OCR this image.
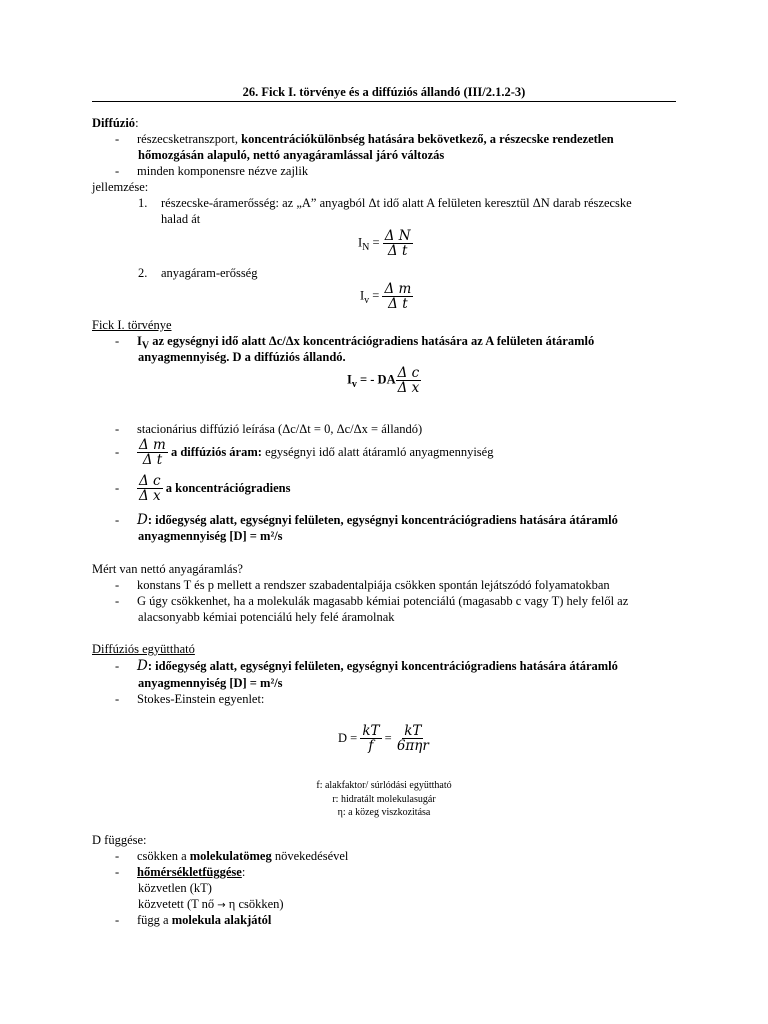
26. Fick I. törvénye és a diffúziós állandó (III/2.1.2-3)
Diffúzió:
- részecsketranszport, koncentrációkülönbség hatására bekövetkező, a részecske rendezetlen
hőmozgásán alapuló, nettó anyagáramlással járó változás
- minden komponensre nézve zajlik
jellemzése:
1. részecske-áramerősség: az „A” anyagból Δt idő alatt A felületen keresztül ΔN darab részecske
halad át
$I_N = \frac{\text{Δ N}}{\text{Δ t}}$
2. anyagáram-erősség
$I_v = \frac{\text{Δ m}}{\text{Δ t}}$
Fick I. törvénye
- $I_V$ az egységnyi idő alatt Δc/Δx koncentrációgradiens hatására az A felületen átáramló
anyagmennyiség. D a diffúziós állandó.
$I_v$ = - DA $\frac{\text{Δ c}}{\text{Δ x}}$
- stacionárius diffúzió leírása (Δc/Δt = 0, Δc/Δx = állandó)
- $\frac{\text{Δ m}}{\text{Δ t}}$ a diffúziós áram: egységnyi idő alatt átáramló anyagmennyiség
- $\frac{\text{Δ c}}{\text{Δ x}}$ a koncentrációgradiens
- D: időegység alatt, egységnyi felületen, egységnyi koncentrációgradiens hatására átáramló
anyagmennyiség [D] = m²/s
Mért van nettó anyagáramlás?
- konstans T és p mellett a rendszer szabadentalpiája csökken spontán lejátszódó folyamatokban
- G úgy csökkenhet, ha a molekulák magasabb kémiai potenciálú (magasabb c vagy T) hely felől az
alacsonyabb kémiai potenciálú hely felé áramolnak
Diffúziós együttható
- D: időegység alatt, egységnyi felületen, egységnyi koncentrációgradiens hatására átáramló
anyagmennyiség [D] = m²/s
- Stokes-Einstein egyenlet:
$D = \frac{kT}{f} = \frac{kT}{\text{6πηr}}$
f: alakfaktor/ súrlódási együttható
r: hidratált molekulasugár
η: a közeg viszkozitása
D függése:
- csökken a molekulatömeg növekedésével
- hőmérsékletfüggése:
közvetlen (kT)
közvetett (T nő → η csökken)
- függ a molekula alakjától
